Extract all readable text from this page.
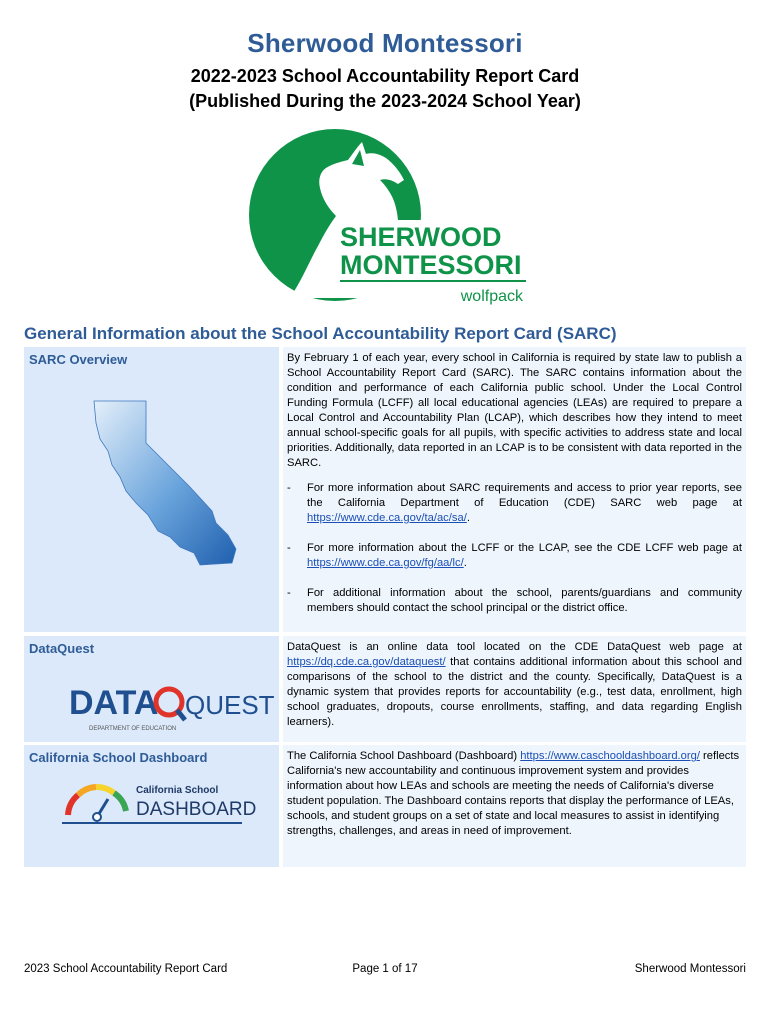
Sherwood Montessori
2022-2023 School Accountability Report Card
(Published During the 2023-2024 School Year)
SHERWOOD
MONTESSORI
wolfpack
General Information about the School Accountability Report Card (SARC)
SARC Overview	By February 1 of each year, every school in California is required by state law to publish a School Accountability Report Card (SARC). The SARC contains information about the condition and performance of each California public school. Under the Local Control Funding Formula (LCFF) all local educational agencies (LEAs) are required to prepare a Local Control and Accountability Plan (LCAP), which describes how they intend to meet annual school-specific goals for all pupils, with specific activities to address state and local priorities. Additionally, data reported in an LCAP is to be consistent with data reported in the SARC.
- For more information about SARC requirements and access to prior year reports, see the California Department of Education (CDE) SARC web page at https://www.cde.ca.gov/ta/ac/sa/.
- For more information about the LCFF or the LCAP, see the CDE LCFF web page at https://www.cde.ca.gov/fg/aa/lc/.
- For additional information about the school, parents/guardians and community members should contact the school principal or the district office.
DataQuest
DATA QUEST
DEPARTMENT OF EDUCATION
DataQuest is an online data tool located on the CDE DataQuest web page at https://dq.cde.ca.gov/dataquest/ that contains additional information about this school and comparisons of the school to the district and the county. Specifically, DataQuest is a dynamic system that provides reports for accountability (e.g., test data, enrollment, high school graduates, dropouts, course enrollments, staffing, and data regarding English learners).
California School Dashboard
California School
DASHBOARD
The California School Dashboard (Dashboard) https://www.caschooldashboard.org/ reflects California's new accountability and continuous improvement system and provides information about how LEAs and schools are meeting the needs of California's diverse student population. The Dashboard contains reports that display the performance of LEAs, schools, and student groups on a set of state and local measures to assist in identifying strengths, challenges, and areas in need of improvement.
2023 School Accountability Report Card	Page 1 of 17	Sherwood Montessori
